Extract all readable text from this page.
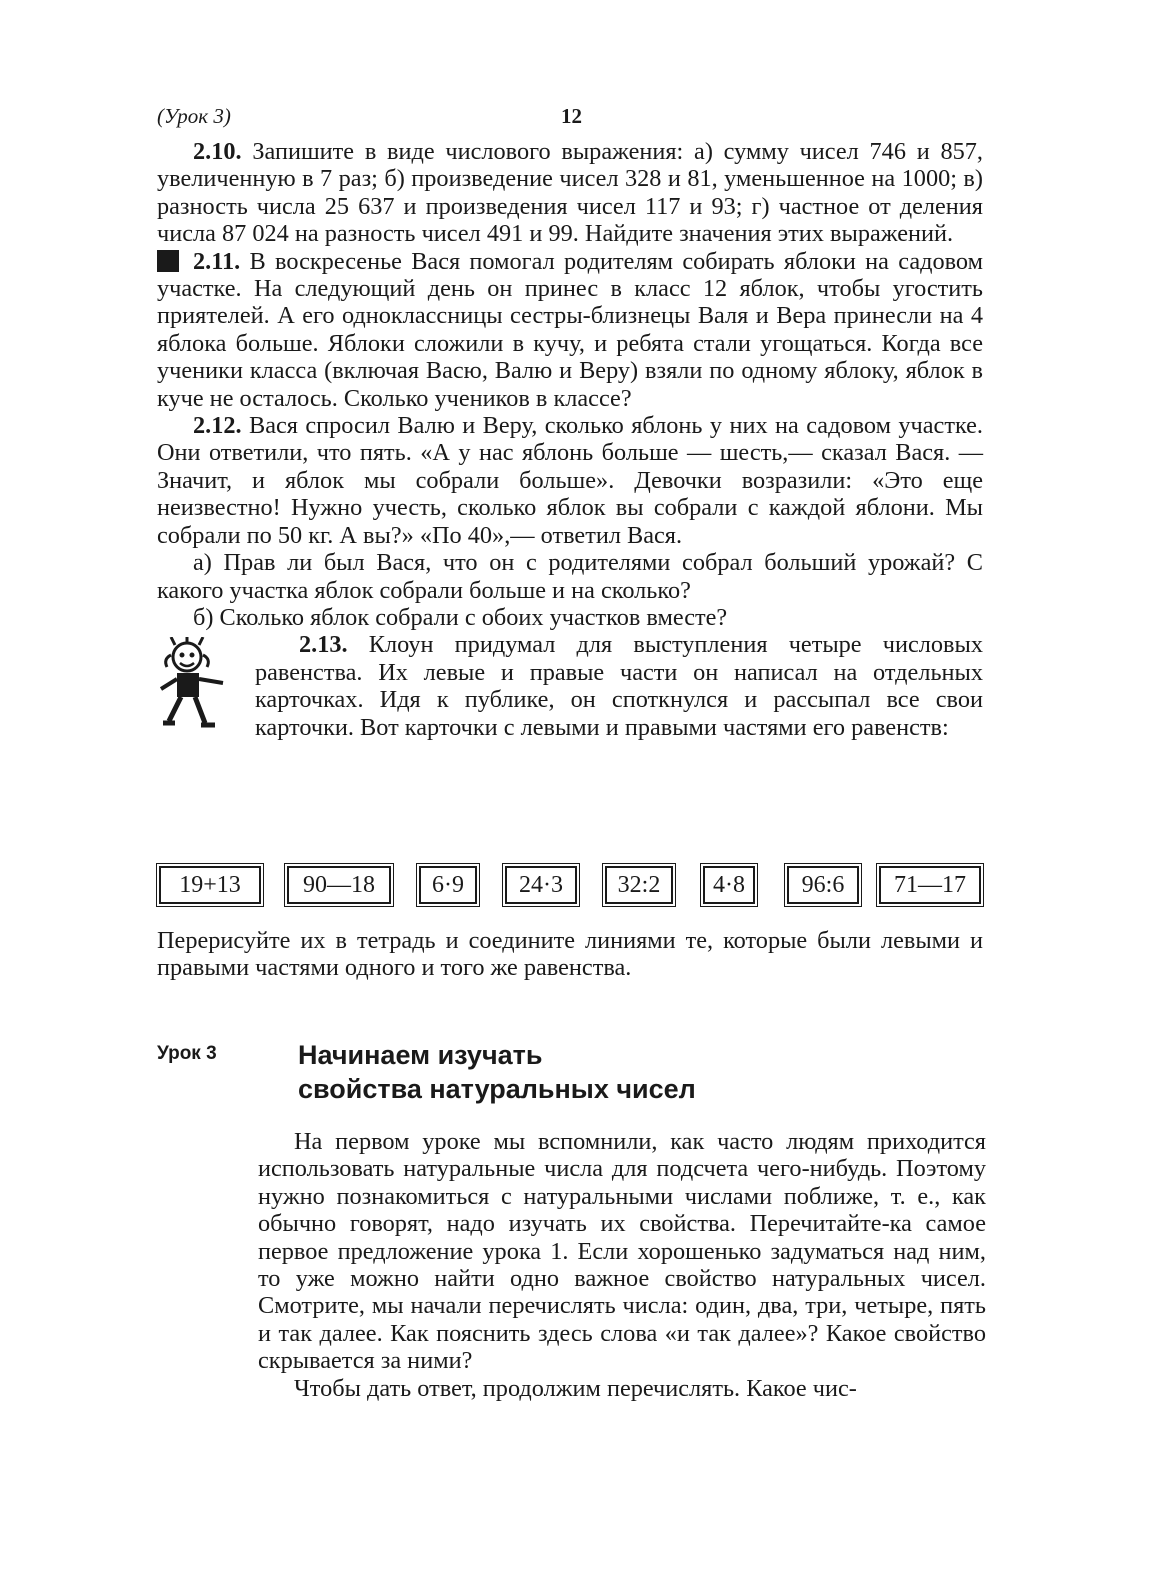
(Урок 3)	12

2.10. Запишите в виде числового выражения: а) сумму чисел 746 и 857, увеличенную в 7 раз; б) произведение чисел 328 и 81, уменьшенное на 1000; в) разность числа 25 637 и произведения чисел 117 и 93; г) частное от деления числа 87 024 на разность чисел 491 и 99. Найдите значения этих выражений.

2.11. В воскресенье Вася помогал родителям собирать яблоки на садовом участке. На следующий день он принес в класс 12 яблок, чтобы угостить приятелей. А его одноклассницы сестры-близнецы Валя и Вера принесли на 4 яблока больше. Яблоки сложили в кучу, и ребята стали угощаться. Когда все ученики класса (включая Васю, Валю и Веру) взяли по одному яблоку, яблок в куче не осталось. Сколько учеников в классе?

2.12. Вася спросил Валю и Веру, сколько яблонь у них на садовом участке. Они ответили, что пять. «А у нас яблонь больше — шесть,— сказал Вася. — Значит, и яблок мы собрали больше». Девочки возразили: «Это еще неизвестно! Нужно учесть, сколько яблок вы собрали с каждой яблони. Мы собрали по 50 кг. А вы?» «По 40»,— ответил Вася.

а) Прав ли был Вася, что он с родителями собрал больший урожай? С какого участка яблок собрали больше и на сколько?

б) Сколько яблок собрали с обоих участков вместе?

2.13. Клоун придумал для выступления четыре числовых равенства. Их левые и правые части он написал на отдельных карточках. Идя к публике, он споткнулся и рассыпал все свои карточки. Вот карточки с левыми и правыми частями его равенств:

19+13	90—18	6·9	24·3	32:2	4·8	96:6	71—17

Перерисуйте их в тетрадь и соедините линиями те, которые были левыми и правыми частями одного и того же равенства.

Урок 3	Начинаем изучать
свойства натуральных чисел

На первом уроке мы вспомнили, как часто людям приходится использовать натуральные числа для подсчета чего-нибудь. Поэтому нужно познакомиться с натуральными числами поближе, т. е., как обычно говорят, надо изучать их свойства. Перечитайте-ка самое первое предложение урока 1. Если хорошенько задуматься над ним, то уже можно найти одно важное свойство натуральных чисел. Смотрите, мы начали перечислять числа: один, два, три, четыре, пять и так далее. Как пояснить здесь слова «и так далее»? Какое свойство скрывается за ними?

Чтобы дать ответ, продолжим перечислять. Какое чис-
